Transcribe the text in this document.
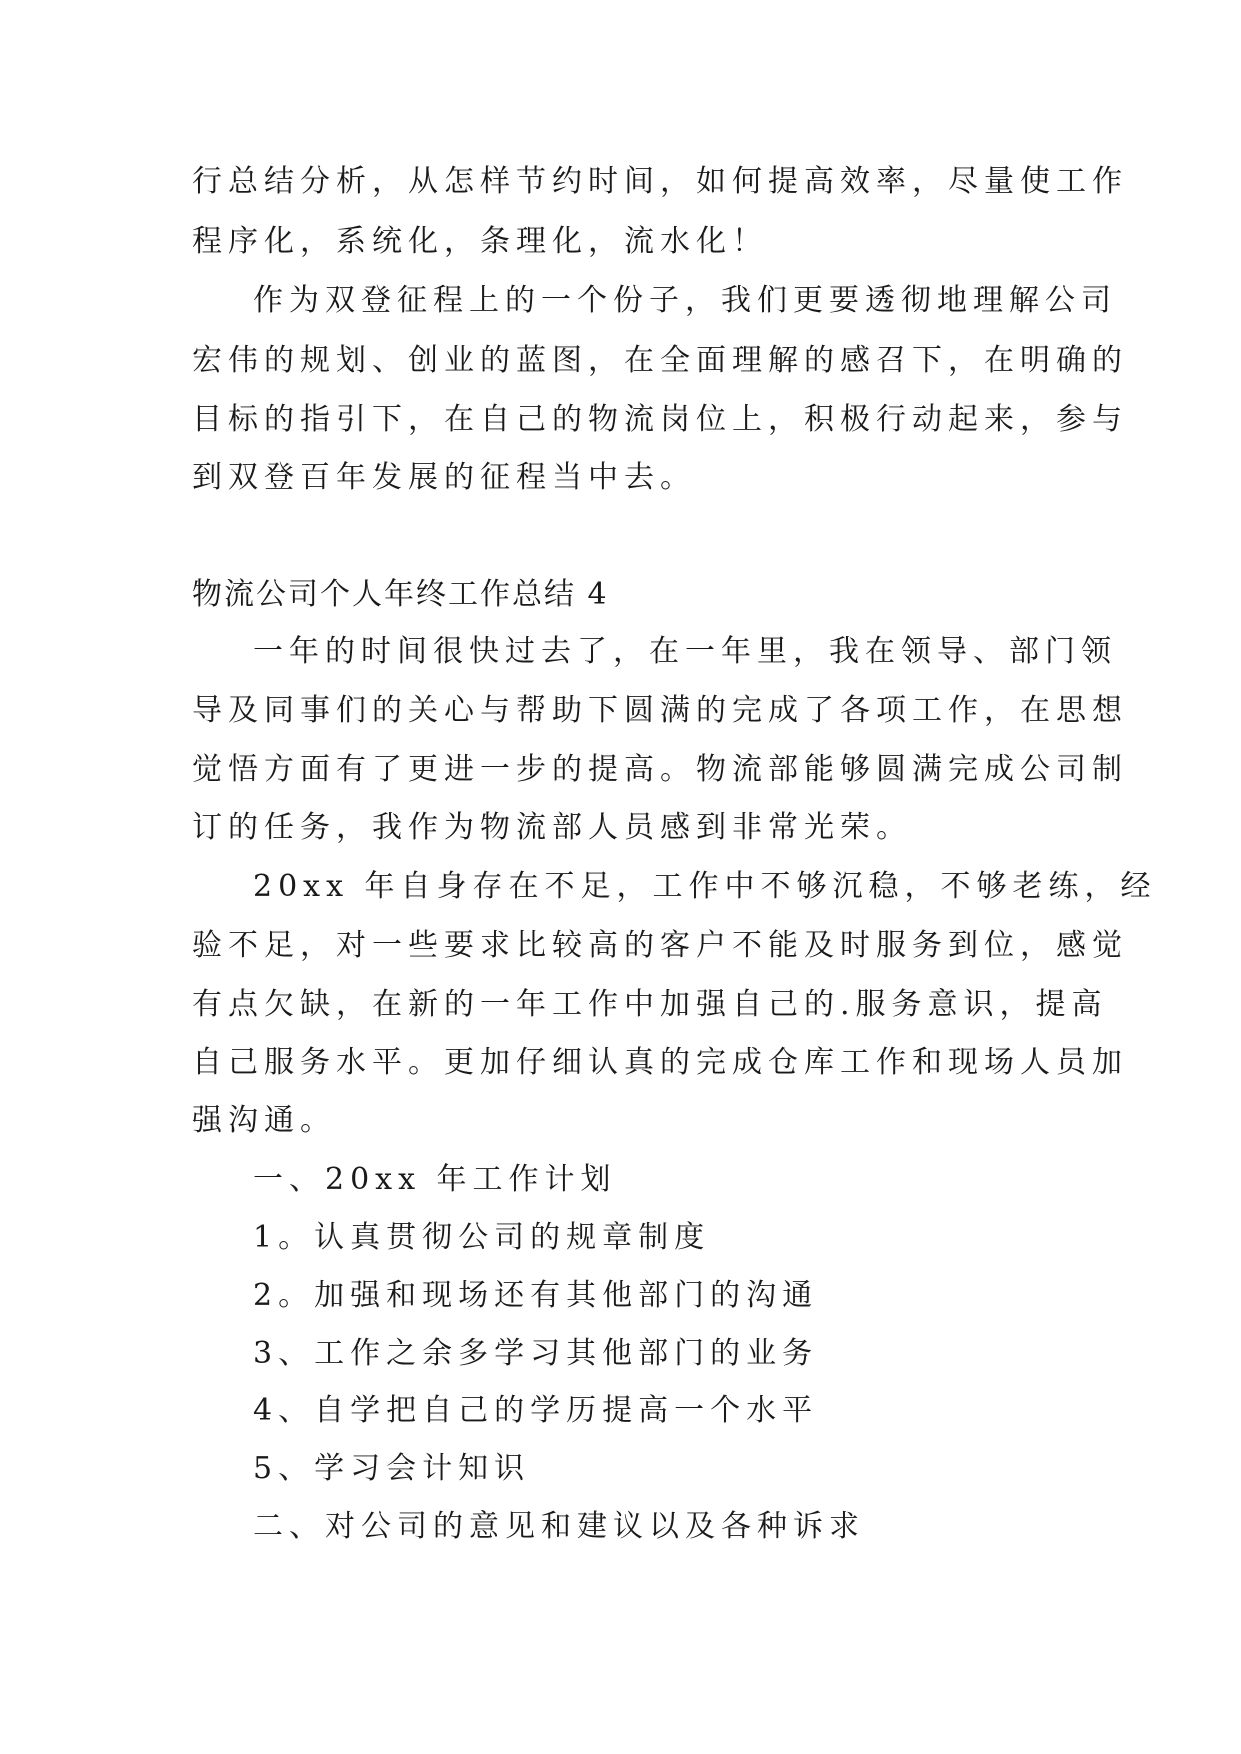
行总结分析，从怎样节约时间，如何提高效率，尽量使工作
程序化，系统化，条理化，流水化！
作为双登征程上的一个份子，我们更要透彻地理解公司
宏伟的规划、创业的蓝图，在全面理解的感召下，在明确的
目标的指引下，在自己的物流岗位上，积极行动起来，参与
到双登百年发展的征程当中去。
物流公司个人年终工作总结 4
一年的时间很快过去了，在一年里，我在领导、部门领
导及同事们的关心与帮助下圆满的完成了各项工作，在思想
觉悟方面有了更进一步的提高。物流部能够圆满完成公司制
订的任务，我作为物流部人员感到非常光荣。
20xx 年自身存在不足，工作中不够沉稳，不够老练，经
验不足，对一些要求比较高的客户不能及时服务到位，感觉
有点欠缺，在新的一年工作中加强自己的.服务意识，提高
自己服务水平。更加仔细认真的完成仓库工作和现场人员加
强沟通。
一、20xx 年工作计划
1。认真贯彻公司的规章制度
2。加强和现场还有其他部门的沟通
3、工作之余多学习其他部门的业务
4、自学把自己的学历提高一个水平
5、学习会计知识
二、对公司的意见和建议以及各种诉求
